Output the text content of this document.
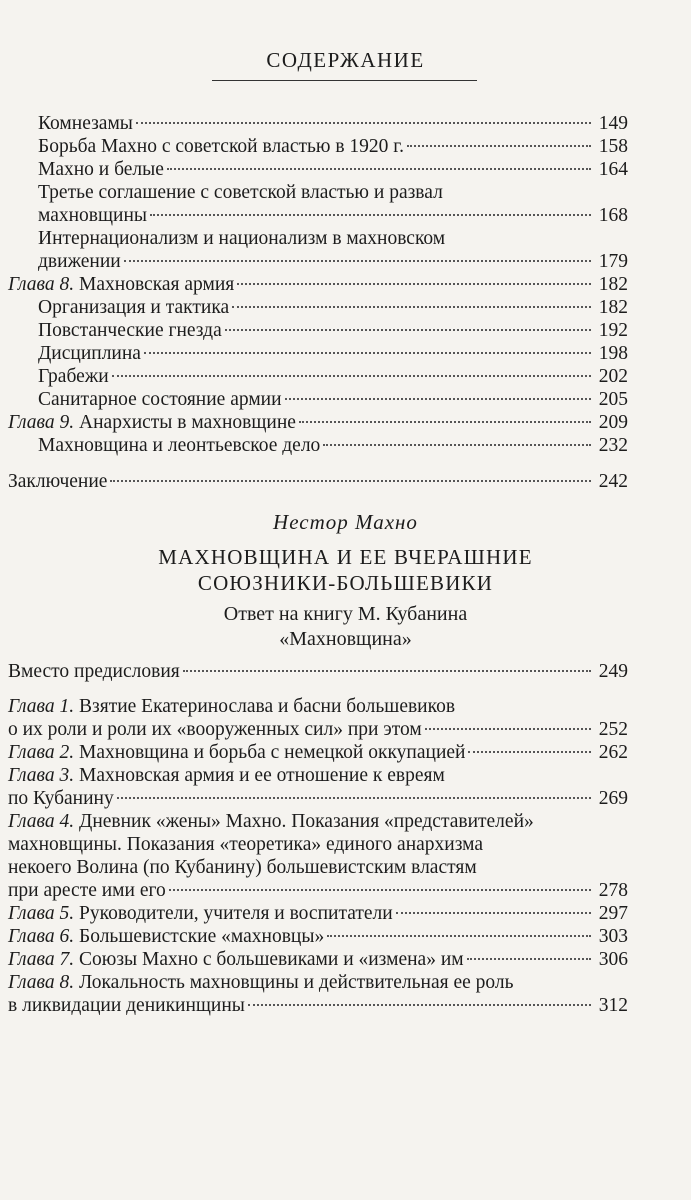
СОДЕРЖАНИЕ
Комнезамы	149
Борьба Махно с советской властью в 1920 г.	158
Махно и белые	164
Третье соглашение с советской властью и развал
махновщины	168
Интернационализм и национализм в махновском
движении	179
Глава 8. Махновская армия	182
Организация и тактика	182
Повстанческие гнезда	192
Дисциплина	198
Грабежи	202
Санитарное состояние армии	205
Глава 9. Анархисты в махновщине	209
Махновщина и леонтьевское дело	232
Заключение	242
Нестор Махно
МАХНОВЩИНА И ЕЕ ВЧЕРАШНИЕ
СОЮЗНИКИ-БОЛЬШЕВИКИ
Ответ на книгу М. Кубанина
«Махновщина»
Вместо предисловия	249
Глава 1. Взятие Екатеринослава и басни большевиков
о их роли и роли их «вооруженных сил» при этом	252
Глава 2. Махновщина и борьба с немецкой оккупацией	262
Глава 3. Махновская армия и ее отношение к евреям
по Кубанину	269
Глава 4. Дневник «жены» Махно. Показания «представителей»
махновщины. Показания «теоретика» единого анархизма
некоего Волина (по Кубанину) большевистским властям
при аресте ими его	278
Глава 5. Руководители, учителя и воспитатели	297
Глава 6. Большевистские «махновцы»	303
Глава 7. Союзы Махно с большевиками и «измена» им	306
Глава 8. Локальность махновщины и действительная ее роль
в ликвидации деникинщины	312
